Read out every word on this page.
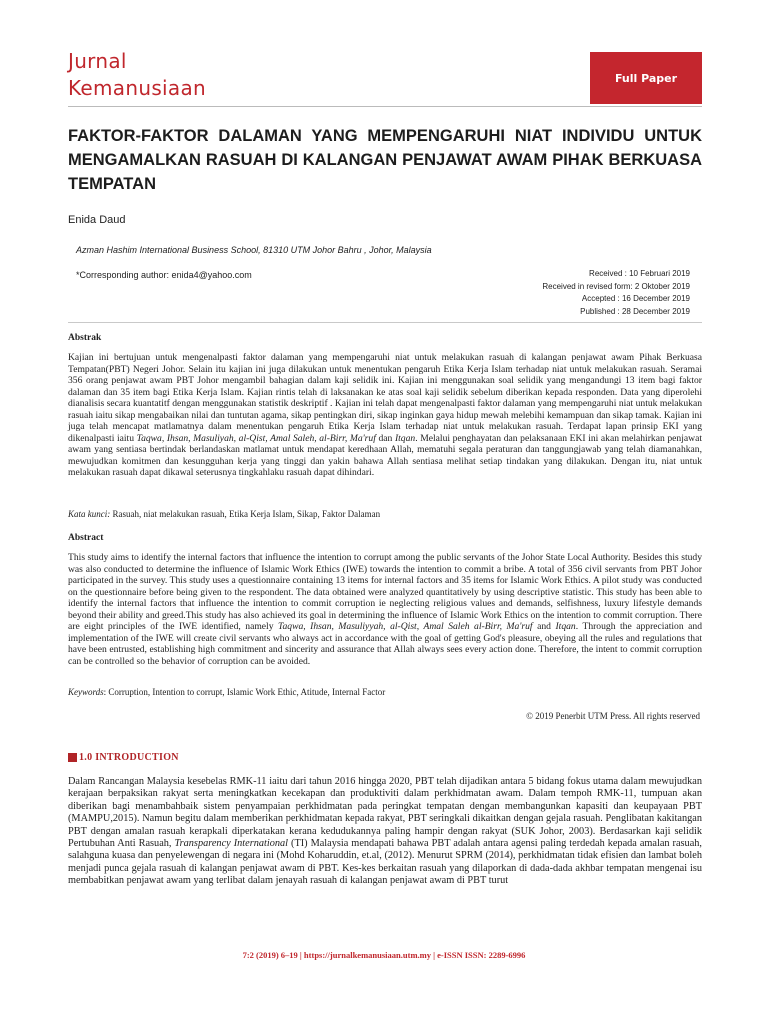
Jurnal
Kemanusiaan	Full Paper
FAKTOR-FAKTOR DALAMAN YANG MEMPENGARUHI NIAT INDIVIDU UNTUK MENGAMALKAN RASUAH DI KALANGAN PENJAWAT AWAM PIHAK BERKUASA TEMPATAN
Enida Daud
Azman Hashim International Business School, 81310 UTM Johor Bahru , Johor, Malaysia
*Corresponding author: enida4@yahoo.com	Received : 10 Februari 2019
Received in revised form: 2 Oktober 2019
Accepted : 16 December 2019
Published : 28 December 2019
Abstrak
Kajian ini bertujuan untuk mengenalpasti faktor dalaman yang mempengaruhi niat untuk melakukan rasuah di kalangan penjawat awam Pihak Berkuasa Tempatan(PBT) Negeri Johor. Selain itu kajian ini juga dilakukan untuk menentukan pengaruh Etika Kerja Islam terhadap niat untuk melakukan rasuah. Seramai 356 orang penjawat awam PBT Johor mengambil bahagian dalam kaji selidik ini. Kajian ini menggunakan soal selidik yang mengandungi 13 item bagi faktor dalaman dan 35 item bagi Etika Kerja Islam. Kajian rintis telah di laksanakan ke atas soal kaji selidik sebelum diberikan kepada responden. Data yang diperolehi dianalisis secara kuantatitf dengan menggunakan statistik deskriptif . Kajian ini telah dapat mengenalpasti faktor dalaman yang mempengaruhi niat untuk melakukan rasuah iaitu sikap mengabaikan nilai dan tuntutan agama, sikap pentingkan diri, sikap inginkan gaya hidup mewah melebihi kemampuan dan sikap tamak. Kajian ini juga telah mencapat matlamatnya dalam menentukan pengaruh Etika Kerja Islam terhadap niat untuk melakukan rasuah. Terdapat lapan prinsip EKI yang dikenalpasti iaitu Taqwa, Ihsan, Masuliyah, al-Qist, Amal Saleh, al-Birr, Ma'ruf dan Itqan. Melalui penghayatan dan pelaksanaan EKI ini akan melahirkan penjawat awam yang sentiasa bertindak berlandaskan matlamat untuk mendapat keredhaan Allah, mematuhi segala peraturan dan tanggungjawab yang telah diamanahkan, mewujudkan komitmen dan kesungguhan kerja yang tinggi dan yakin bahawa Allah sentiasa melihat setiap tindakan yang dilakukan. Dengan itu, niat untuk melakukan rasuah dapat dikawal seterusnya tingkahlaku rasuah dapat dihindari.
Kata kunci: Rasuah, niat melakukan rasuah, Etika Kerja Islam, Sikap, Faktor Dalaman
Abstract
This study aims to identify the internal factors that influence the intention to corrupt among the public servants of the Johor State Local Authority. Besides this study was also conducted to determine the influence of Islamic Work Ethics (IWE) towards the intention to commit a bribe. A total of 356 civil servants from PBT Johor participated in the survey. This study uses a questionnaire containing 13 items for internal factors and 35 items for Islamic Work Ethics. A pilot study was conducted on the questionnaire before being given to the respondent. The data obtained were analyzed quantitatively by using descriptive statistic. This study has been able to identify the internal factors that influence the intention to commit corruption ie neglecting religious values and demands, selfishness, luxury lifestyle demands beyond their ability and greed.This study has also achieved its goal in determining the influence of Islamic Work Ethics on the intention to commit corruption. There are eight principles of the IWE identified, namely Taqwa, Ihsan, Masuliyyah, al-Qist, Amal Saleh al-Birr, Ma'ruf and Itqan. Through the appreciation and implementation of the IWE will create civil servants who always act in accordance with the goal of getting God's pleasure, obeying all the rules and regulations that have been entrusted, establishing high commitment and sincerity and assurance that Allah always sees every action done. Therefore, the intent to commit corruption can be controlled so the behavior of corruption can be avoided.
Keywords: Corruption, Intention to corrupt, Islamic Work Ethic, Atitude, Internal Factor
© 2019 Penerbit UTM Press. All rights reserved
1.0 INTRODUCTION
Dalam Rancangan Malaysia kesebelas RMK-11 iaitu dari tahun 2016 hingga 2020, PBT telah dijadikan antara 5 bidang fokus utama dalam mewujudkan kerajaan berpaksikan rakyat serta meningkatkan kecekapan dan produktiviti dalam perkhidmatan awam. Dalam tempoh RMK-11, tumpuan akan diberikan bagi menambahbaik sistem penyampaian perkhidmatan pada peringkat tempatan dengan membangunkan kapasiti dan keupayaan PBT (MAMPU,2015). Namun begitu dalam memberikan perkhidmatan kepada rakyat, PBT seringkali dikaitkan dengan gejala rasuah. Penglibatan kakitangan PBT dengan amalan rasuah kerapkali diperkatakan kerana kedudukannya paling hampir dengan rakyat (SUK Johor, 2003). Berdasarkan kaji selidik Pertubuhan Anti Rasuah, Transparency International (TI) Malaysia mendapati bahawa PBT adalah antara agensi paling terdedah kepada amalan rasuah, salahguna kuasa dan penyelewengan di negara ini (Mohd Koharuddin, et.al, (2012). Menurut SPRM (2014), perkhidmatan tidak efisien dan lambat boleh menjadi punca gejala rasuah di kalangan penjawat awam di PBT. Kes-kes berkaitan rasuah yang dilaporkan di dada-dada akhbar tempatan mengenai isu membabitkan penjawat awam yang terlibat dalam jenayah rasuah di kalangan penjawat awam di PBT turut
7:2 (2019) 6–19 | https://jurnalkemanusiaan.utm.my | e-ISSN ISSN: 2289-6996
